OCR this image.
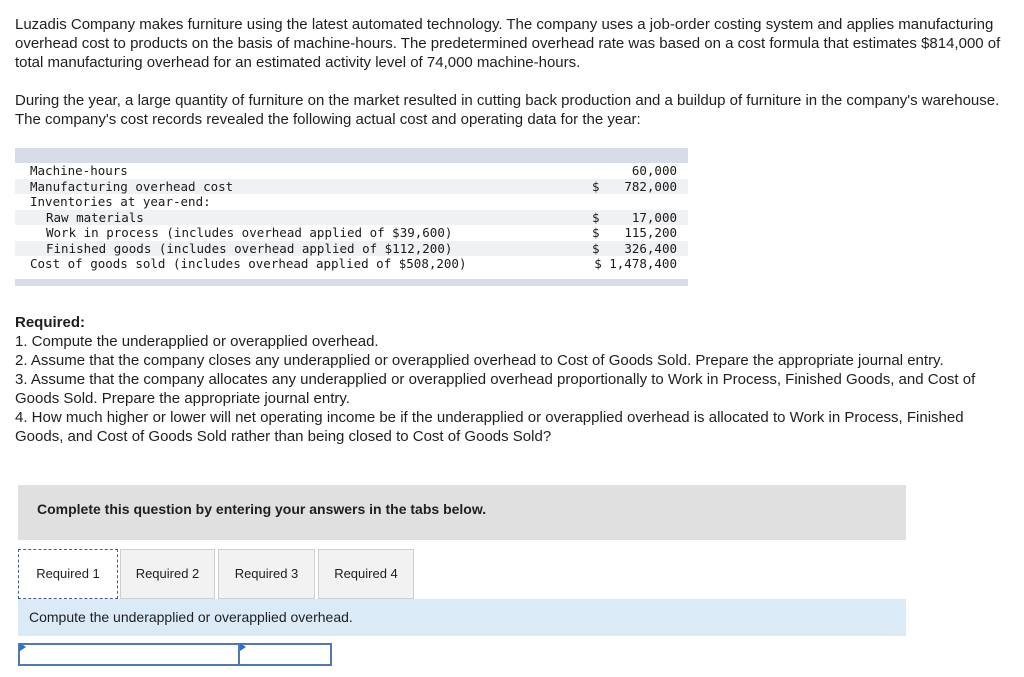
Luzadis Company makes furniture using the latest automated technology. The company uses a job-order costing system and applies manufacturing overhead cost to products on the basis of machine-hours. The predetermined overhead rate was based on a cost formula that estimates $814,000 of total manufacturing overhead for an estimated activity level of 74,000 machine-hours.

During the year, a large quantity of furniture on the market resulted in cutting back production and a buildup of furniture in the company's warehouse. The company's cost records revealed the following actual cost and operating data for the year:

Machine-hours	60,000
Manufacturing overhead cost	$ 782,000
Inventories at year-end:
Raw materials	$	17,000
Work in process (includes overhead applied of $39,600)	$ 115,200
Finished goods (includes overhead applied of $112,200)	$ 326,400
Cost of goods sold (includes overhead applied of $508,200)	$ 1,478,400

Required:

1. Compute the underapplied or overapplied overhead.
2. Assume that the company closes any underapplied or overapplied overhead to Cost of Goods Sold. Prepare the appropriate journal entry.
3. Assume that the company allocates any underapplied or overapplied overhead proportionally to Work in Process, Finished Goods, and Cost of Goods Sold. Prepare the appropriate journal entry.
4. How much higher or lower will net operating income be if the underapplied or overapplied overhead is allocated to Work in Process, Finished Goods, and Cost of Goods Sold rather than being closed to Cost of Goods Sold?
Complete this question by entering your answers in the tabs below.
Required 1	Required 2	Required 3	Required 4
Compute the underapplied or overapplied overhead.
